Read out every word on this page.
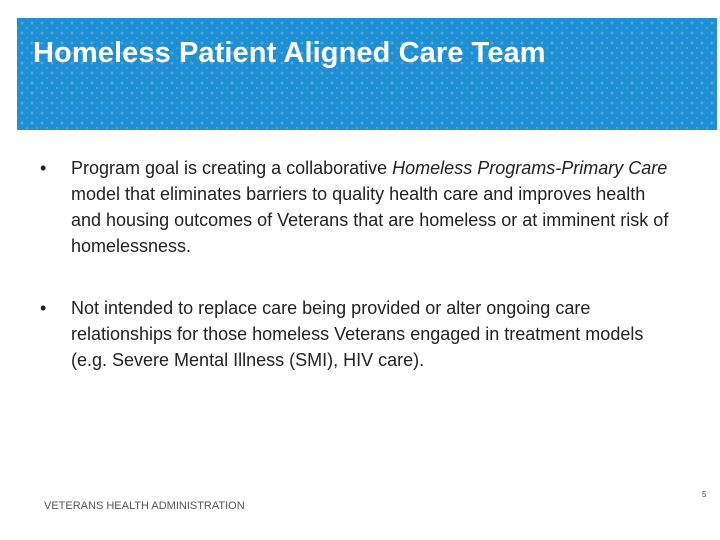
Homeless Patient Aligned Care Team
•	Program goal is creating a collaborative Homeless Programs-Primary Care model that eliminates barriers to quality health care and improves health and housing outcomes of Veterans that are homeless or at imminent risk of homelessness.
•	Not intended to replace care being provided or alter ongoing care relationships for those homeless Veterans engaged in treatment models (e.g. Severe Mental Illness (SMI), HIV care).
VETERANS HEALTH ADMINISTRATION
5
